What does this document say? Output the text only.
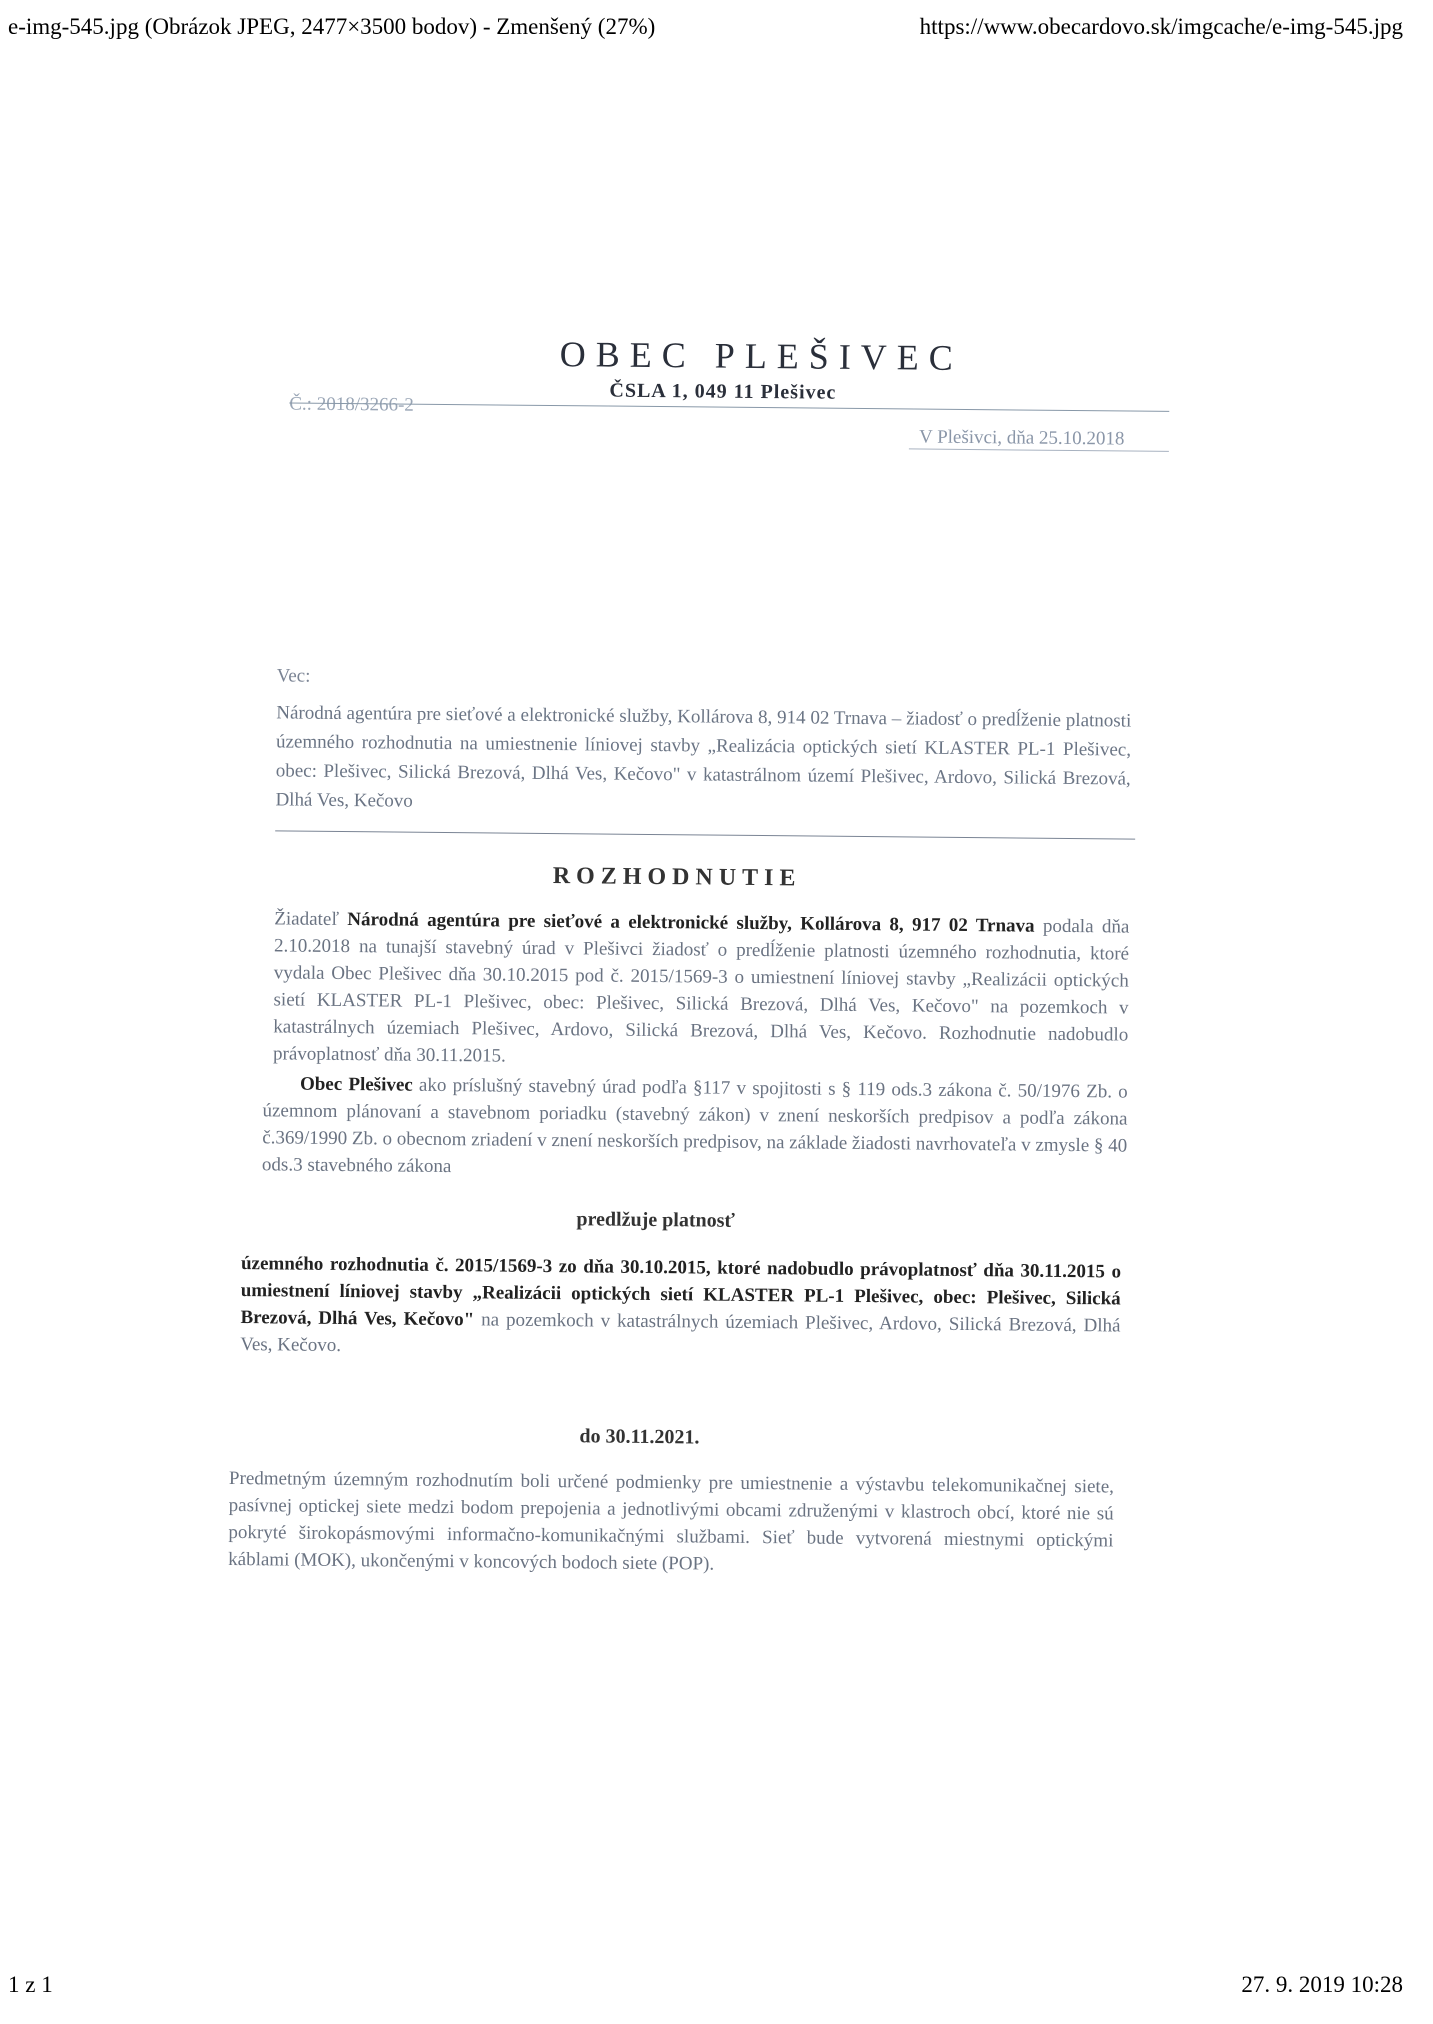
e-img-545.jpg (Obrázok JPEG, 2477×3500 bodov) - Zmenšený (27%)	https://www.obecardovo.sk/imgcache/e-img-545.jpg
OBEC PLEŠIVEC
ČSLA 1, 049 11 Plešivec
Č.: 2018/3266-2
V Plešivci, dňa 25.10.2018
Vec:
Národná agentúra pre sieťové a elektronické služby, Kollárova 8, 914 02 Trnava – žiadosť o predĺženie platnosti územného rozhodnutia na umiestnenie líniovej stavby „Realizácia optických sietí KLASTER PL-1 Plešivec, obec: Plešivec, Silická Brezová, Dlhá Ves, Kečovo" v katastrálnom území Plešivec, Ardovo, Silická Brezová, Dlhá Ves, Kečovo
ROZHODNUTIE
Žiadateľ Národná agentúra pre sieťové a elektronické služby, Kollárova 8, 917 02 Trnava podala dňa 2.10.2018 na tunajší stavebný úrad v Plešivci žiadosť o predĺženie platnosti územného rozhodnutia, ktoré vydala Obec Plešivec dňa 30.10.2015 pod č. 2015/1569-3 o umiestnení líniovej stavby „Realizácii optických sietí KLASTER PL-1 Plešivec, obec: Plešivec, Silická Brezová, Dlhá Ves, Kečovo" na pozemkoch v katastrálnych územiach Plešivec, Ardovo, Silická Brezová, Dlhá Ves, Kečovo. Rozhodnutie nadobudlo právoplatnosť dňa 30.11.2015.
Obec Plešivec ako príslušný stavebný úrad podľa §117 v spojitosti s § 119 ods.3 zákona č. 50/1976 Zb. o územnom plánovaní a stavebnom poriadku (stavebný zákon) v znení neskorších predpisov a podľa zákona č.369/1990 Zb. o obecnom zriadení v znení neskorších predpisov, na základe žiadosti navrhovateľa v zmysle § 40 ods.3 stavebného zákona
predlžuje platnosť
územného rozhodnutia č. 2015/1569-3 zo dňa 30.10.2015, ktoré nadobudlo právoplatnosť dňa 30.11.2015 o umiestnení líniovej stavby „Realizácii optických sietí KLASTER PL-1 Plešivec, obec: Plešivec, Silická Brezová, Dlhá Ves, Kečovo" na pozemkoch v katastrálnych územiach Plešivec, Ardovo, Silická Brezová, Dlhá Ves, Kečovo.
do 30.11.2021.
Predmetným územným rozhodnutím boli určené podmienky pre umiestnenie a výstavbu telekomunikačnej siete, pasívnej optickej siete medzi bodom prepojenia a jednotlivými obcami združenými v klastroch obcí, ktoré nie sú pokryté širokopásmovými informačno-komunikačnými službami. Sieť bude vytvorená miestnymi optickými káblami (MOK), ukončenými v koncových bodoch siete (POP).
1 z 1	27. 9. 2019 10:28
